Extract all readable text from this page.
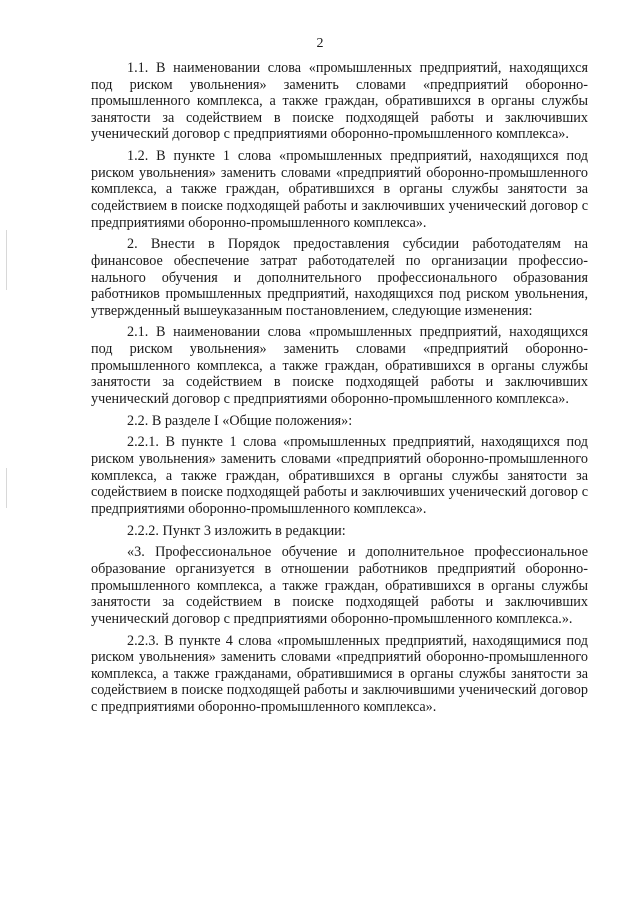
2

1.1. В наименовании слова «промышленных предприятий, находящихся под риском увольнения» заменить словами «предприятий оборонно-промышленного комплекса, а также граждан, обратившихся в органы службы занятости за содействием в поиске подходящей работы и заключивших ученический договор с предприятиями оборонно-промышленного комплекса».

1.2. В пункте 1 слова «промышленных предприятий, находящихся под риском увольнения» заменить словами «предприятий оборонно-промышленного комплекса, а также граждан, обратившихся в органы службы занятости за содействием в поиске подходящей работы и заключивших ученический договор с предприятиями оборонно-промышленного комплекса».

2. Внести в Порядок предоставления субсидии работодателям на финансовое обеспечение затрат работодателей по организации профессионального обучения и дополнительного профессионального образования работников промышленных предприятий, находящихся под риском увольнения, утвержденный вышеуказанным постановлением, следующие изменения:

2.1. В наименовании слова «промышленных предприятий, находящихся под риском увольнения» заменить словами «предприятий оборонно-промышленного комплекса, а также граждан, обратившихся в органы службы занятости за содействием в поиске подходящей работы и заключивших ученический договор с предприятиями оборонно-промышленного комплекса».

2.2. В разделе I «Общие положения»:

2.2.1. В пункте 1 слова «промышленных предприятий, находящихся под риском увольнения» заменить словами «предприятий оборонно-промышленного комплекса, а также граждан, обратившихся в органы службы занятости за содействием в поиске подходящей работы и заключивших ученический договор с предприятиями оборонно-промышленного комплекса».

2.2.2. Пункт 3 изложить в редакции:

«3. Профессиональное обучение и дополнительное профессиональное образование организуется в отношении работников предприятий оборонно-промышленного комплекса, а также граждан, обратившихся в органы службы занятости за содействием в поиске подходящей работы и заключивших ученический договор с предприятиями оборонно-промышленного комплекса.».

2.2.3. В пункте 4 слова «промышленных предприятий, находящимися под риском увольнения» заменить словами «предприятий оборонно-промышленного комплекса, а также гражданами, обратившимися в органы службы занятости за содействием в поиске подходящей работы и заключившими ученический договор с предприятиями оборонно-промышленного комплекса».
